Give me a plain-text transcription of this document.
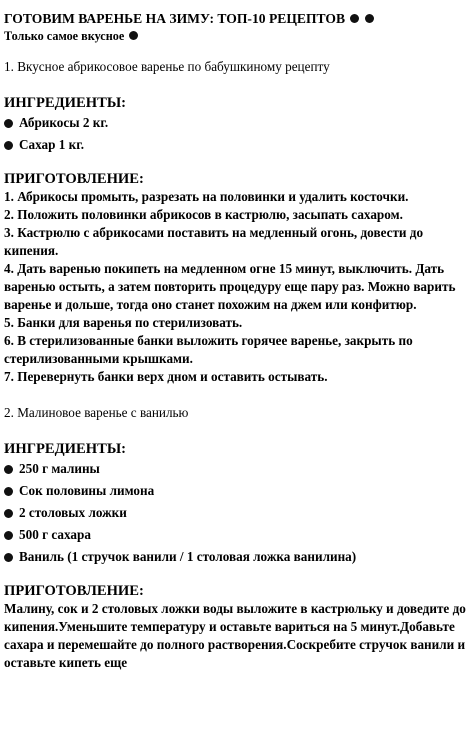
ГОТОВИМ ВАРЕНЬЕ НА ЗИМУ: ТОП-10 РЕЦЕПТОВ
Только самое вкусное
1. Вкусное абрикосовое варенье по бабушкиному рецепту
ИНГРЕДИЕНТЫ:
Абрикосы 2 кг.
Сахар 1 кг.
ПРИГОТОВЛЕНИЕ:
1. Абрикосы промыть, разрезать на половинки и удалить косточки.
2. Положить половинки абрикосов в кастрюлю, засыпать сахаром.
3. Кастрюлю с абрикосами поставить на медленный огонь, довести до кипения.
4. Дать варенью покипеть на медленном огне 15 минут, выключить. Дать варенью остыть, а затем повторить процедуру еще пару раз. Можно варить варенье и дольше, тогда оно станет похожим на джем или конфитюр.
5. Банки для варенья по стерилизовать.
6. В стерилизованные банки выложить горячее варенье, закрыть по стерилизованными крышками.
7. Перевернуть банки верх дном и оставить остывать.
2. Малиновое варенье с ванилью
ИНГРЕДИЕНТЫ:
250 г малины
Сок половины лимона
2 столовых ложки
500 г сахара
Ваниль (1 стручок ванили / 1 столовая ложка ванилина)
ПРИГОТОВЛЕНИЕ:
Малину, сок и 2 столовых ложки воды выложите в кастрюльку и доведите до кипения.Уменьшите температуру и оставьте вариться на 5 минут.Добавьте сахара и перемешайте до полного растворения.Соскребите стручок ванили и оставьте кипеть еще
